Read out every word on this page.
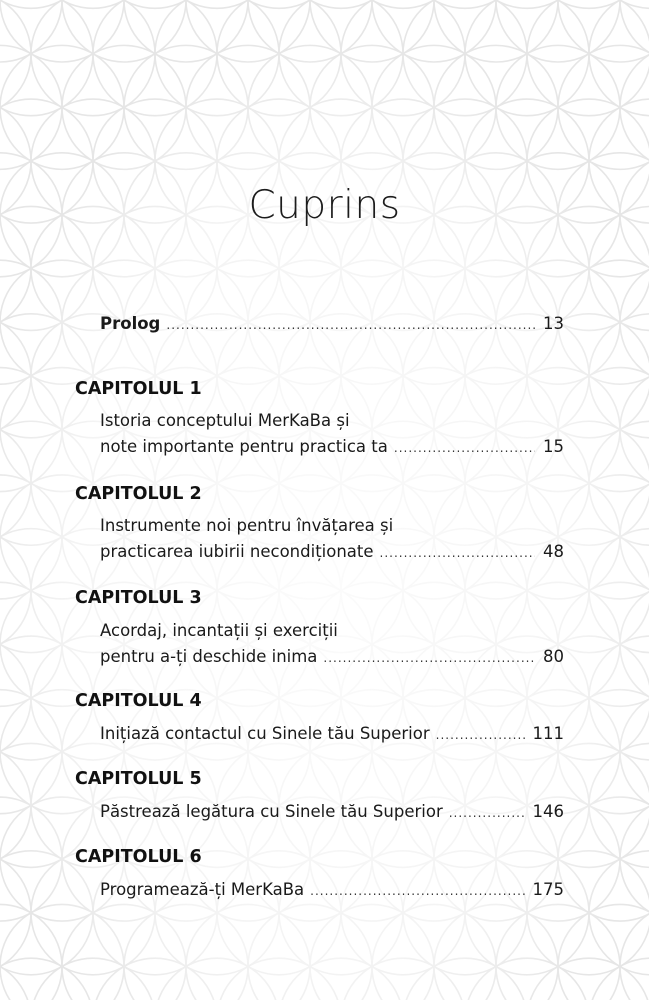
Cuprins
Prolog .....	13
CAPITOLUL 1
Istoria conceptului MerKaBa și
note importante pentru practica ta .....	15
CAPITOLUL 2
Instrumente noi pentru învățarea și
practicarea iubirii necondiționate .....	48
CAPITOLUL 3
Acordaj, incantații și exerciții
pentru a-ți deschide inima .....	80
CAPITOLUL 4
Inițiază contactul cu Sinele tău Superior .....	111
CAPITOLUL 5
Păstrează legătura cu Sinele tău Superior .....	146
CAPITOLUL 6
Programează-ți MerKaBa .....	175
